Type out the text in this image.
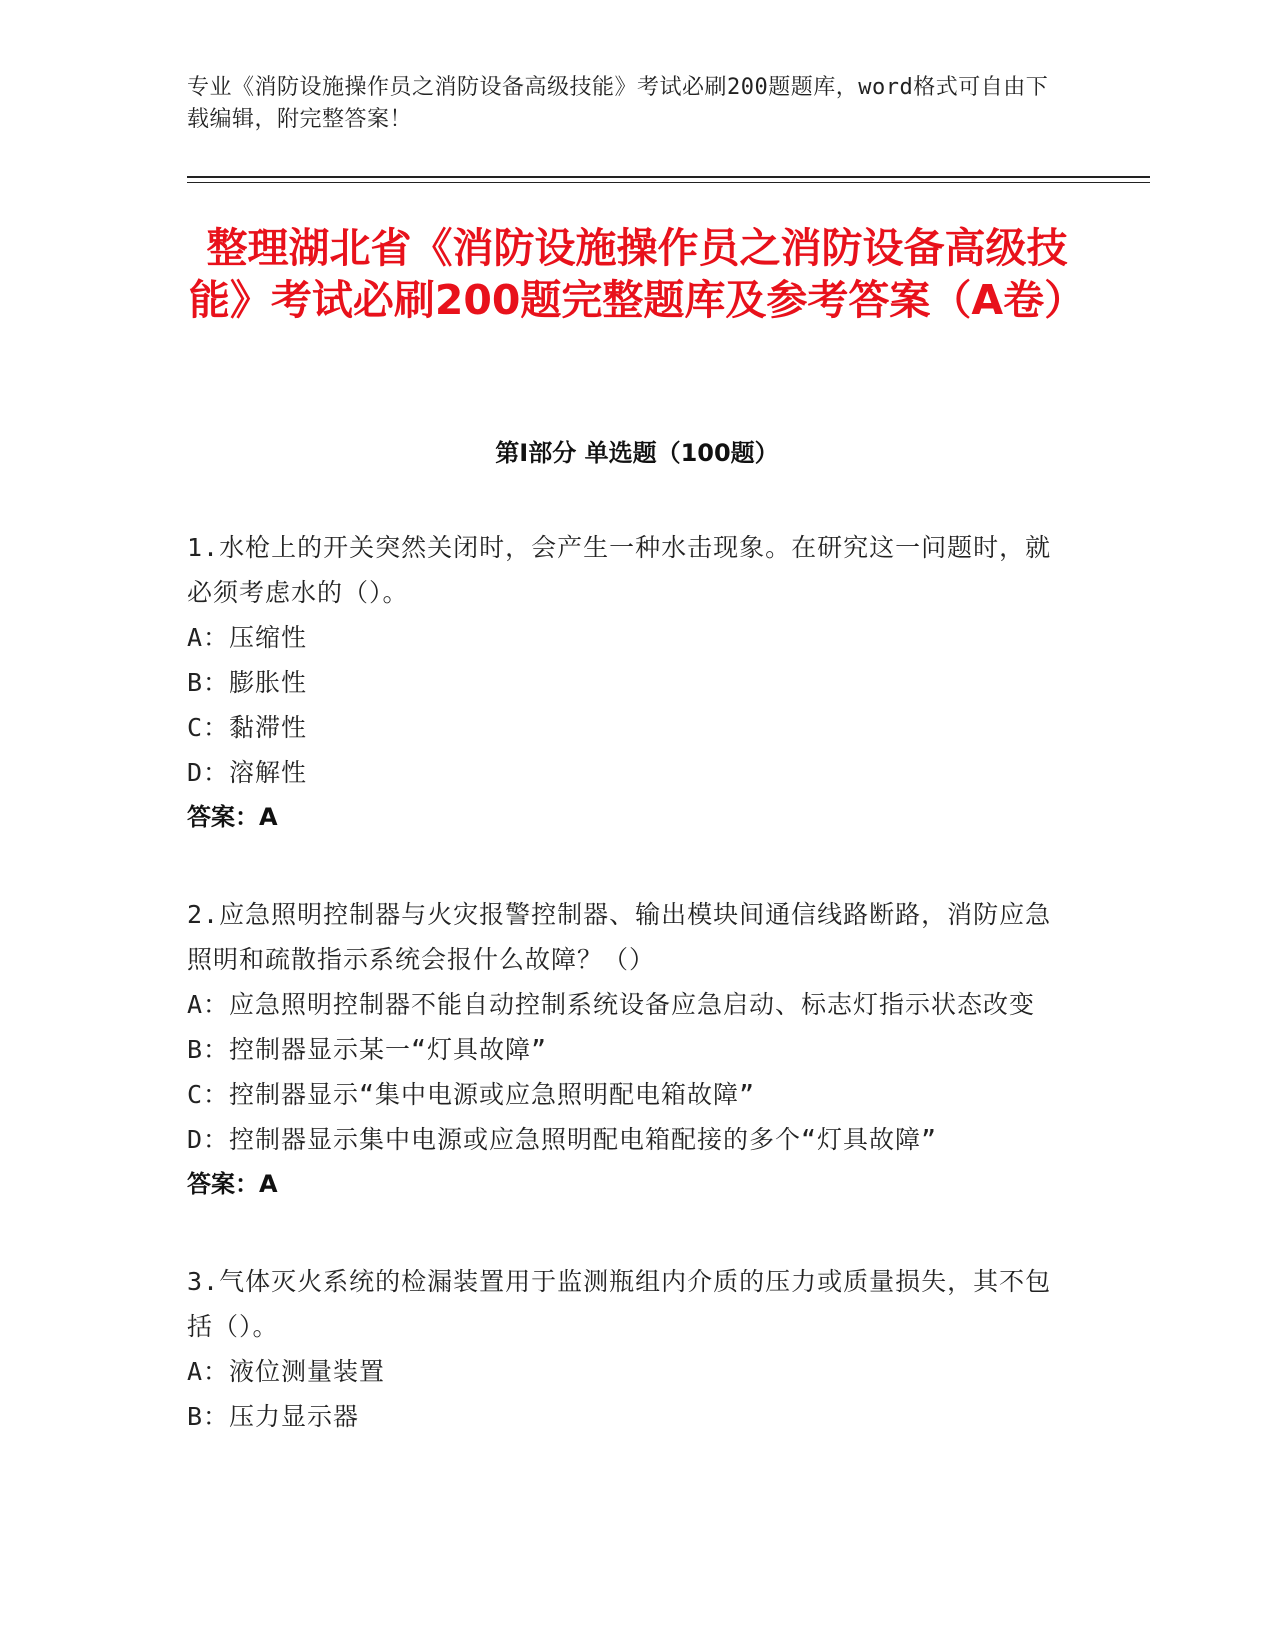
专业《消防设施操作员之消防设备高级技能》考试必刷200题题库，word格式可自由下载编辑，附完整答案！
整理湖北省《消防设施操作员之消防设备高级技能》考试必刷200题完整题库及参考答案（A卷）
第I部分 单选题（100题）
1.水枪上的开关突然关闭时，会产生一种水击现象。在研究这一问题时，就必须考虑水的（）。
A：压缩性
B：膨胀性
C：黏滞性
D：溶解性
答案：A
2.应急照明控制器与火灾报警控制器、输出模块间通信线路断路，消防应急照明和疏散指示系统会报什么故障？（）
A：应急照明控制器不能自动控制系统设备应急启动、标志灯指示状态改变
B：控制器显示某一“灯具故障”
C：控制器显示“集中电源或应急照明配电箱故障”
D：控制器显示集中电源或应急照明配电箱配接的多个“灯具故障”
答案：A
3.气体灭火系统的检漏装置用于监测瓶组内介质的压力或质量损失，其不包括（）。
A：液位测量装置
B：压力显示器
